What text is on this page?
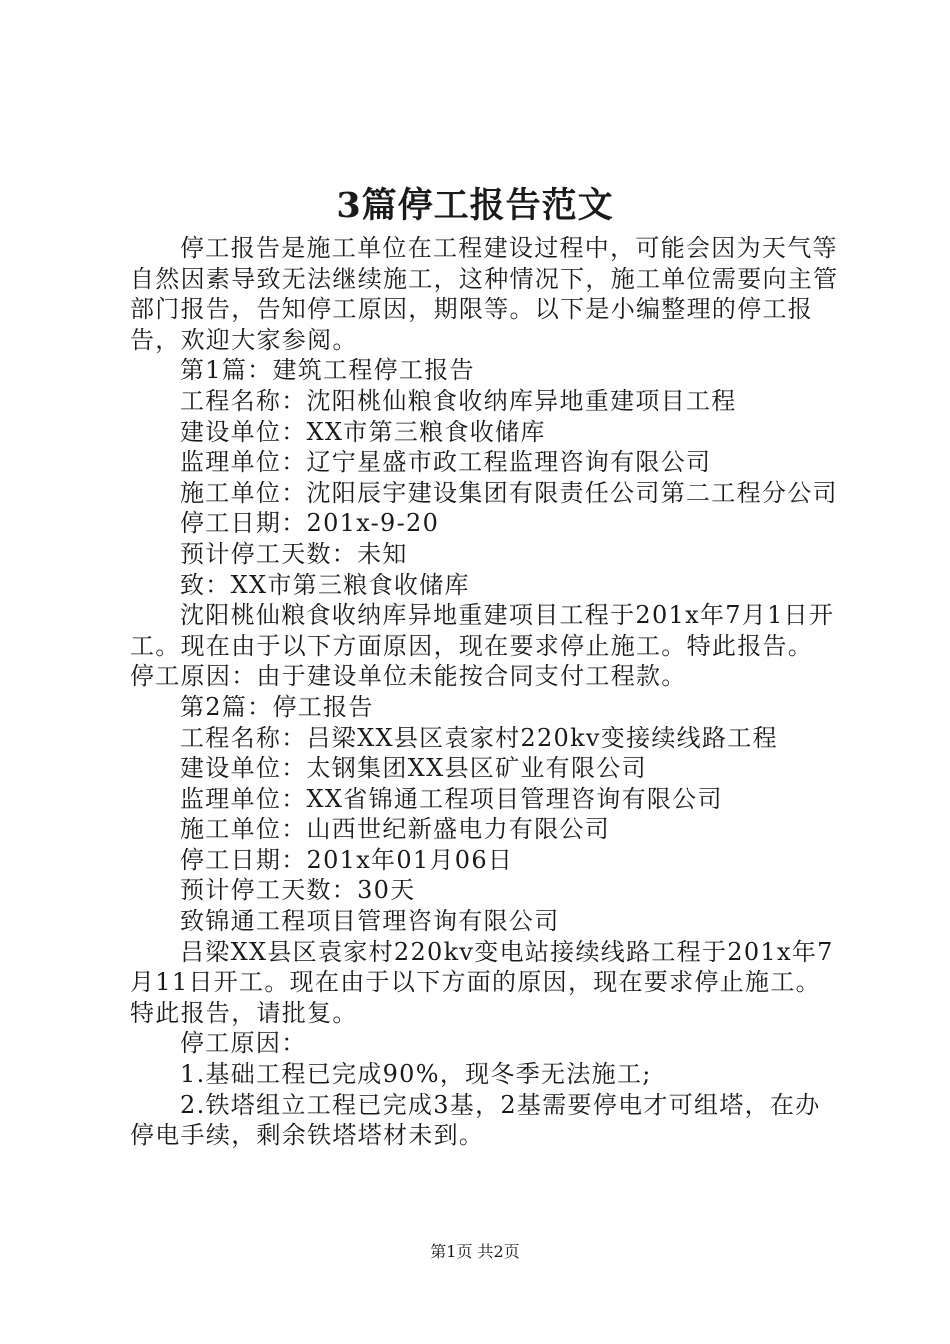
3篇停工报告范文

停工报告是施工单位在工程建设过程中，可能会因为天气等自然因素导致无法继续施工，这种情况下，施工单位需要向主管部门报告，告知停工原因，期限等。以下是小编整理的停工报告，欢迎大家参阅。

第1篇：建筑工程停工报告

工程名称：沈阳桃仙粮食收纳库异地重建项目工程

建设单位：XX市第三粮食收储库

监理单位：辽宁星盛市政工程监理咨询有限公司

施工单位：沈阳辰宇建设集团有限责任公司第二工程分公司

停工日期：201x-9-20

预计停工天数：未知

致：XX市第三粮食收储库

沈阳桃仙粮食收纳库异地重建项目工程于201x年7月1日开工。现在由于以下方面原因，现在要求停止施工。特此报告。

停工原因：由于建设单位未能按合同支付工程款。

第2篇：停工报告

工程名称：吕梁XX县区袁家村220kv变接续线路工程

建设单位：太钢集团XX县区矿业有限公司

监理单位：XX省锦通工程项目管理咨询有限公司

施工单位：山西世纪新盛电力有限公司

停工日期：201x年01月06日

预计停工天数：30天

致锦通工程项目管理咨询有限公司

吕梁XX县区袁家村220kv变电站接续线路工程于201x年7月11日开工。现在由于以下方面的原因，现在要求停止施工。特此报告，请批复。

停工原因：

1.基础工程已完成90%，现冬季无法施工;

2.铁塔组立工程已完成3基，2基需要停电才可组塔，在办停电手续，剩余铁塔塔材未到。

第1页 共2页
